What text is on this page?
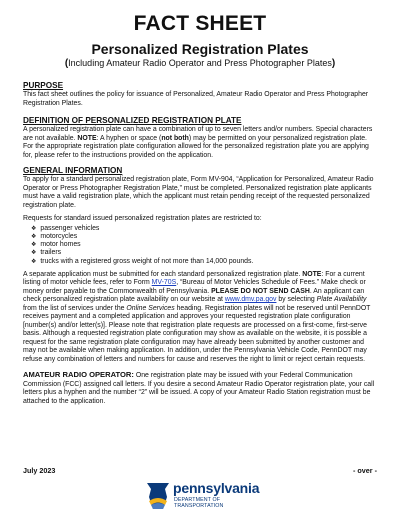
FACT SHEET
Personalized Registration Plates
(Including Amateur Radio Operator and Press Photographer Plates)
PURPOSE

This fact sheet outlines the policy for issuance of Personalized, Amateur Radio Operator and Press Photographer Registration Plates.

DEFINITION OF PERSONALIZED REGISTRATION PLATE

A personalized registration plate can have a combination of up to seven letters and/or numbers. Special characters are not available. NOTE: A hyphen or space (not both) may be permitted on your personalized registration plate. For the appropriate registration plate configuration allowed for the personalized registration plate you are applying for, please refer to the instructions provided on the application.

GENERAL INFORMATION

To apply for a standard personalized registration plate, Form MV-904, “Application for Personalized, Amateur Radio Operator or Press Photographer Registration Plate,” must be completed. Personalized registration plate applicants must have a valid registration plate, which the applicant must retain pending receipt of the requested personalized registration plate.

Requests for standard issued personalized registration plates are restricted to:

❖ passenger vehicles
❖ motorcycles
❖ motor homes
❖ trailers
❖ trucks with a registered gross weight of not more than 14,000 pounds.

A separate application must be submitted for each standard personalized registration plate. NOTE: For a current listing of motor vehicle fees, refer to Form MV-70S, “Bureau of Motor Vehicles Schedule of Fees.” Make check or money order payable to the Commonwealth of Pennsylvania. PLEASE DO NOT SEND CASH. An applicant can check personalized registration plate availability on our website at www.dmv.pa.gov by selecting Plate Availability from the list of services under the Online Services heading. Registration plates will not be reserved until PennDOT receives payment and a completed application and approves your requested registration plate configuration [number(s) and/or letter(s)]. Please note that registration plate requests are processed on a first-come, first-serve basis. Although a requested registration plate configuration may show as available on the website, it is possible a request for the same registration plate configuration may have already been submitted by another customer and may not be available when making application. In addition, under the Pennsylvania Vehicle Code, PennDOT may refuse any combination of letters and numbers for cause and reserves the right to limit or reject certain requests.

AMATEUR RADIO OPERATOR: One registration plate may be issued with your Federal Communication Commission (FCC) assigned call letters. If you desire a second Amateur Radio Operator registration plate, your call letters plus a hyphen and the number “2” will be issued. A copy of your Amateur Radio Station registration must be attached to the application.

July 2023	- over -
pennsylvania
DEPARTMENT OF TRANSPORTATION
